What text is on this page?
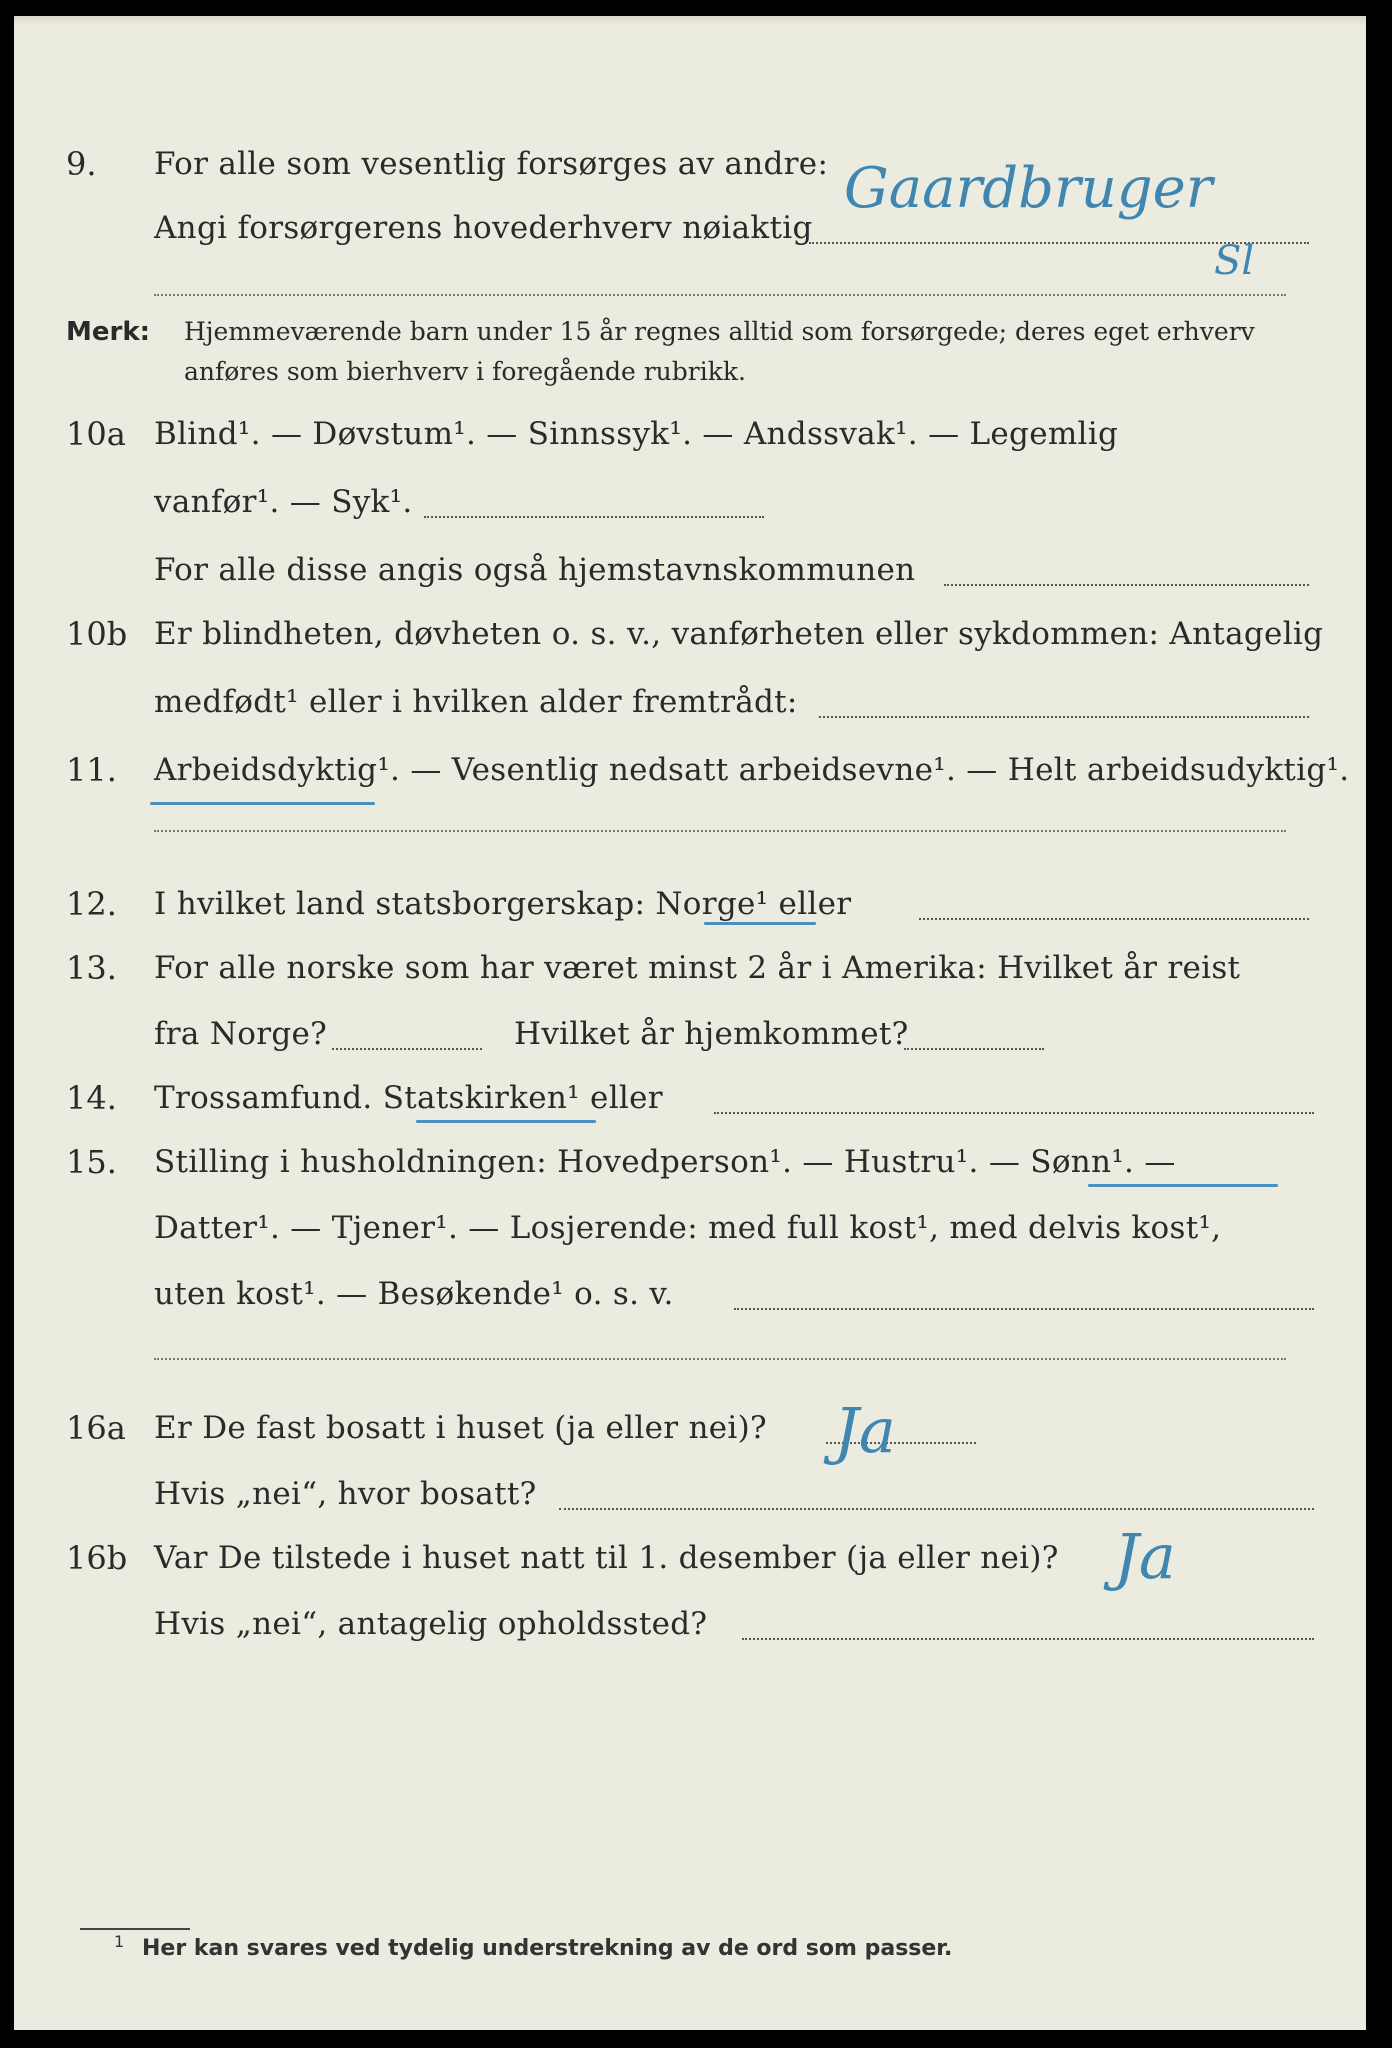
9. For alle som vesentlig forsørges av andre:
Angi forsørgerens hovederhverv nøiaktig
Gaardbruger
Sl
Merk: Hjemmeværende barn under 15 år regnes alltid som forsørgede; deres eget erhverv
anføres som bierhverv i foregående rubrikk.
10a Blind¹. — Døvstum¹. — Sinnssyk¹. — Andssvak¹. — Legemlig
vanfør¹. — Syk¹.
For alle disse angis også hjemstavnskommunen
10b Er blindheten, døvheten o. s. v., vanførheten eller sykdommen: Antagelig
medfødt¹ eller i hvilken alder fremtrådt:
11. Arbeidsdyktig¹. — Vesentlig nedsatt arbeidsevne¹. — Helt arbeidsudyktig¹.
12. I hvilket land statsborgerskap: Norge¹ eller
13. For alle norske som har været minst 2 år i Amerika: Hvilket år reist
fra Norge?	Hvilket år hjemkommet?
14. Trossamfund. Statskirken¹ eller
15. Stilling i husholdningen: Hovedperson¹. — Hustru¹. — Sønn¹. —
Datter¹. — Tjener¹. — Losjerende: med full kost¹, med delvis kost¹,
uten kost¹. — Besøkende¹ o. s. v.
16a Er De fast bosatt i huset (ja eller nei)? Ja
Hvis „nei“, hvor bosatt?
16b Var De tilstede i huset natt til 1. desember (ja eller nei)? Ja
Hvis „nei“, antagelig opholdssted?
1 Her kan svares ved tydelig understrekning av de ord som passer.
